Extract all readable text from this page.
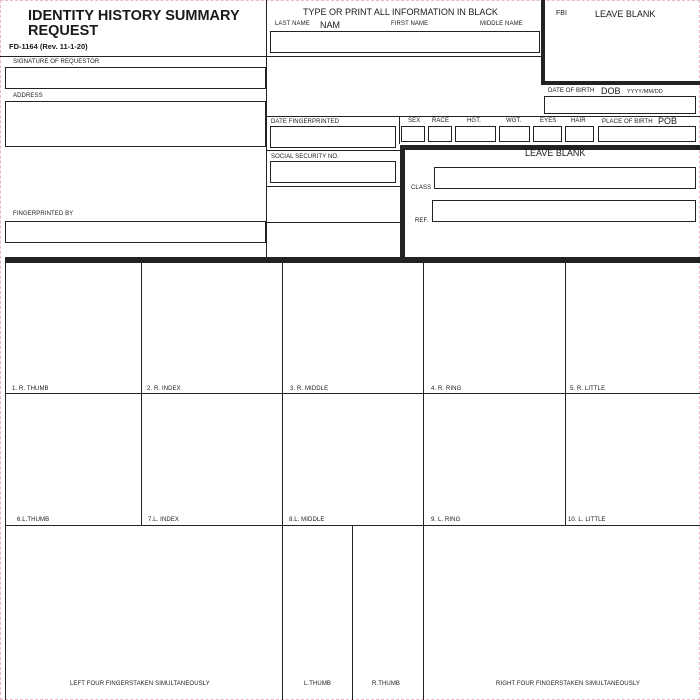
IDENTITY HISTORY SUMMARY REQUEST
FD-1164 (Rev. 11-1-20)
TYPE OR PRINT ALL INFORMATION IN BLACK
LAST NAME NAM	FIRST NAME	MIDDLE NAME
FBI	LEAVE BLANK
SIGNATURE OF REQUESTOR
ADDRESS
DATE OF BIRTH DOB YYYY/MM/DD
DATE FINGERPRINTED	SEX RACE	HGT.	WGT.	EYES HAIR	PLACE OF BIRTH POB
SOCIAL SECURITY NO.
FINGERPRINTED BY
LEAVE BLANK
CLASS
REF.
1. R. THUMB	2. R. INDEX	3. R. MIDDLE	4. R. RING	5. R. LITTLE
6.L.THUMB	7.L. INDEX	8.L. MIDDLE	9. L. RING	10. L. LITTLE
LEFT FOUR FINGERSTAKEN SIMULTANEOUSLY	L.THUMB	R.THUMB	RIGHT FOUR FINGERSTAKEN SIMULTANEOUSLY
